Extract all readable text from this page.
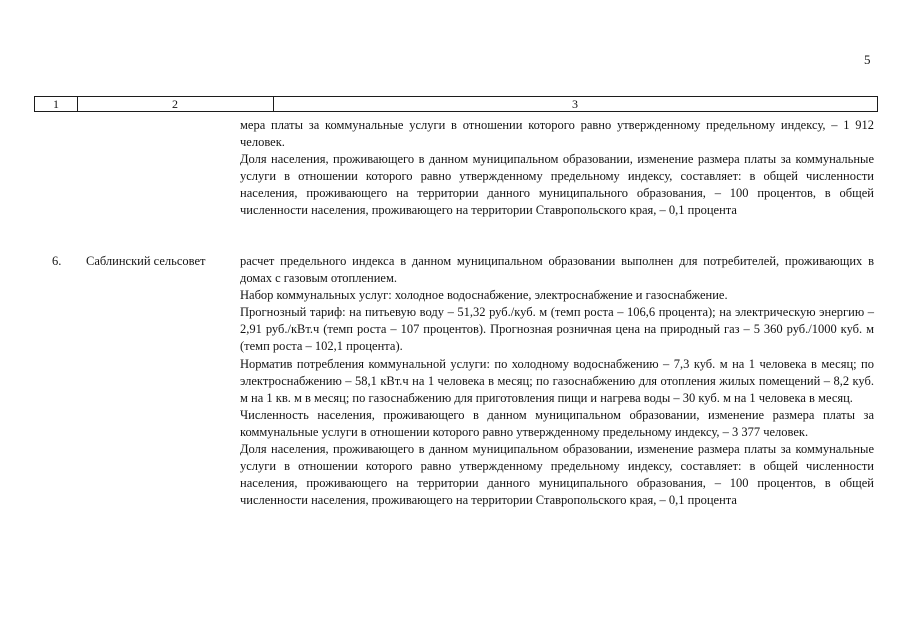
5
1	2	3

мера платы за коммунальные услуги в отношении которого равно утвержденному предельному индексу, – 1 912 человек.

Доля населения, проживающего в данном муниципальном образовании, изменение размера платы за коммунальные услуги в отношении которого равно утвержденному предельному индексу, составляет: в общей численности населения, проживающего на территории данного муниципального образования, – 100 процентов, в общей численности населения, проживающего на территории Ставропольского края, – 0,1 процента

6.	Саблинский сельсовет	расчет предельного индекса в данном муниципальном образовании выполнен для потребителей, проживающих в домах с газовым отоплением.

Набор коммунальных услуг: холодное водоснабжение, электроснабжение и газоснабжение.

Прогнозный тариф: на питьевую воду – 51,32 руб./куб. м (темп роста – 106,6 процента); на электрическую энергию – 2,91 руб./кВт.ч (темп роста – 107 процентов). Прогнозная розничная цена на природный газ – 5 360 руб./1000 куб. м (темп роста – 102,1 процента).

Норматив потребления коммунальной услуги: по холодному водоснабжению – 7,3 куб. м на 1 человека в месяц; по электроснабжению – 58,1 кВт.ч на 1 человека в месяц; по газоснабжению для отопления жилых помещений – 8,2 куб. м на 1 кв. м в месяц; по газоснабжению для приготовления пищи и нагрева воды – 30 куб. м на 1 человека в месяц.

Численность населения, проживающего в данном муниципальном образовании, изменение размера платы за коммунальные услуги в отношении которого равно утвержденному предельному индексу, – 3 377 человек.

Доля населения, проживающего в данном муниципальном образовании, изменение размера платы за коммунальные услуги в отношении которого равно утвержденному предельному индексу, составляет: в общей численности населения, проживающего на территории данного муниципального образования, – 100 процентов, в общей численности населения, проживающего на территории Ставропольского края, – 0,1 процента
